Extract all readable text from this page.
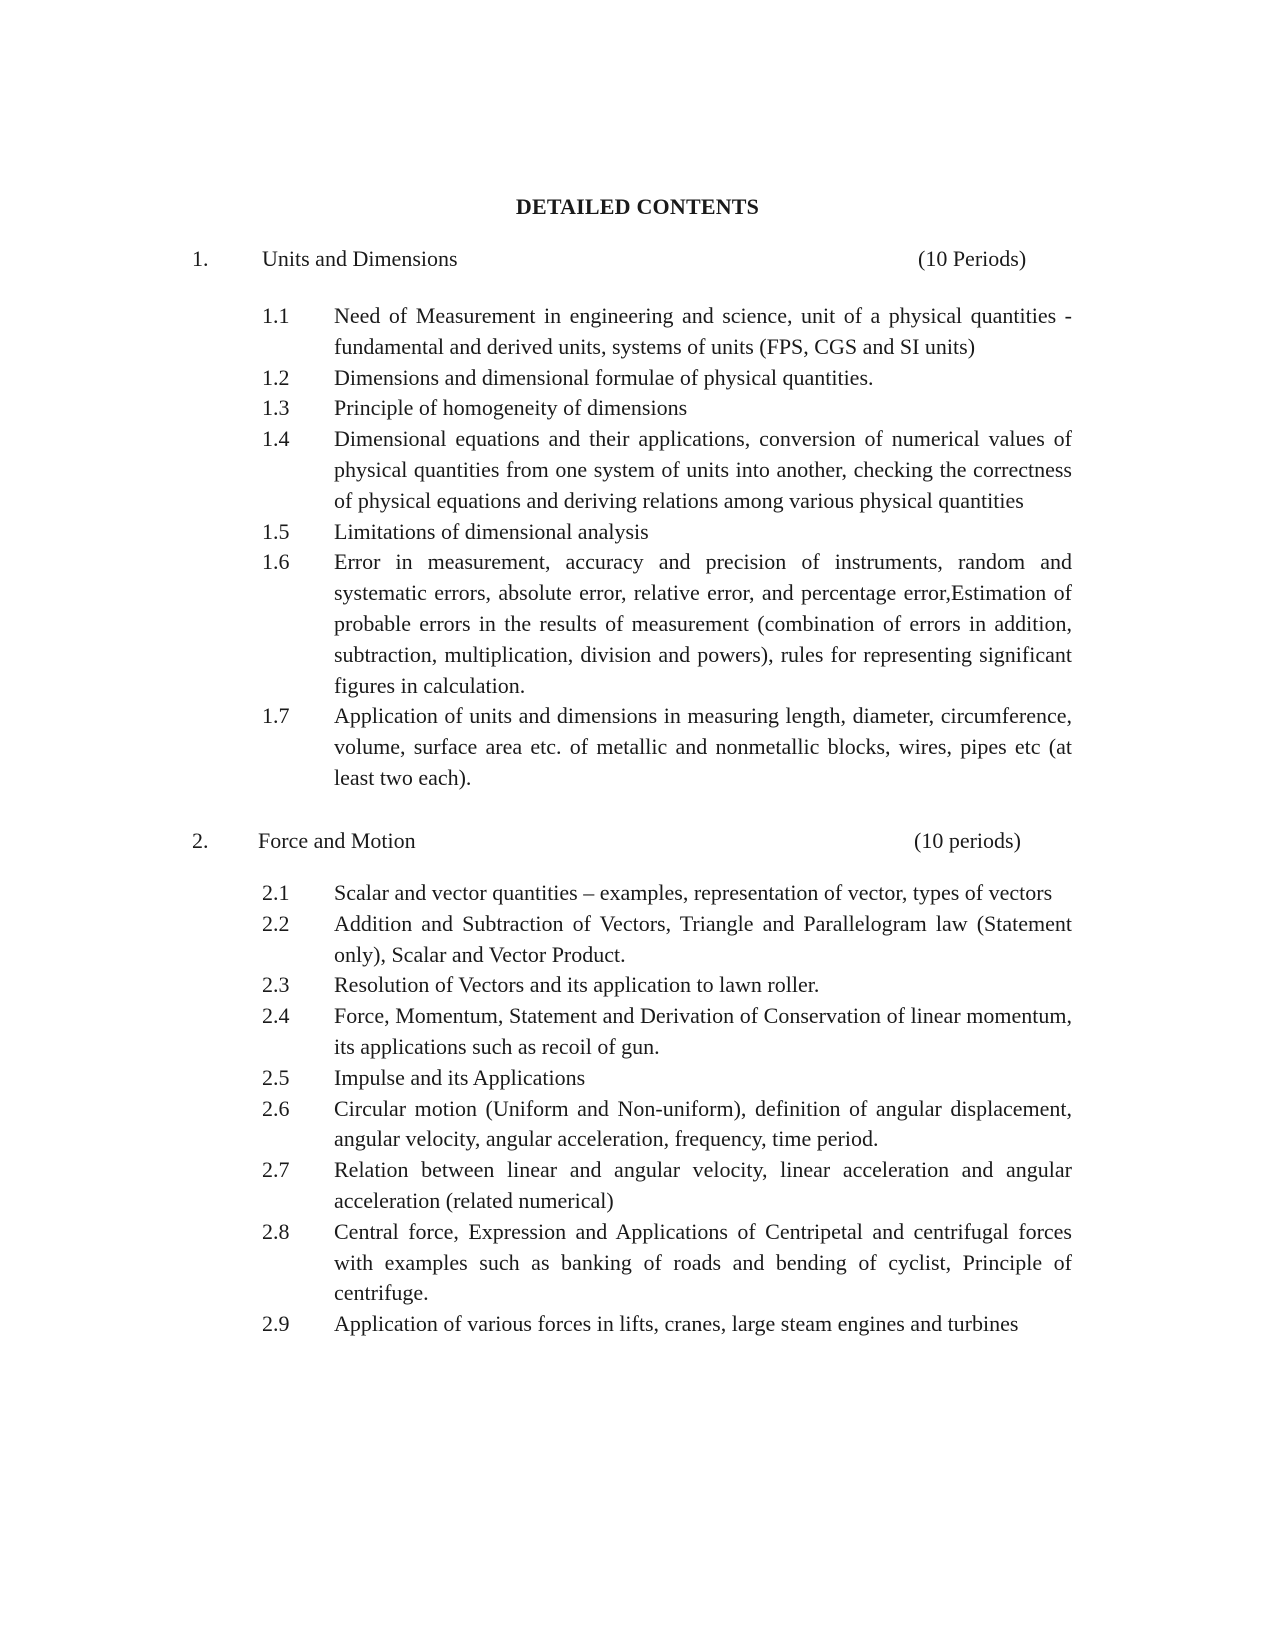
DETAILED CONTENTS
1. Units and Dimensions	(10 Periods)
1.1 Need of Measurement in engineering and science, unit of a physical quantities - fundamental and derived units, systems of units (FPS, CGS and SI units)
1.2 Dimensions and dimensional formulae of physical quantities.
1.3 Principle of homogeneity of dimensions
1.4 Dimensional equations and their applications, conversion of numerical values of physical quantities from one system of units into another, checking the correctness of physical equations and deriving relations among various physical quantities
1.5 Limitations of dimensional analysis
1.6 Error in measurement, accuracy and precision of instruments, random and systematic errors, absolute error, relative error, and percentage error,Estimation of probable errors in the results of measurement (combination of errors in addition, subtraction, multiplication, division and powers), rules for representing significant figures in calculation.
1.7 Application of units and dimensions in measuring length, diameter, circumference, volume, surface area etc. of metallic and nonmetallic blocks, wires, pipes etc (at least two each).
2. Force and Motion	(10 periods)
2.1 Scalar and vector quantities – examples, representation of vector, types of vectors
2.2 Addition and Subtraction of Vectors, Triangle and Parallelogram law (Statement only), Scalar and Vector Product.
2.3 Resolution of Vectors and its application to lawn roller.
2.4 Force, Momentum, Statement and Derivation of Conservation of linear momentum, its applications such as recoil of gun.
2.5 Impulse and its Applications
2.6 Circular motion (Uniform and Non-uniform), definition of angular displacement, angular velocity, angular acceleration, frequency, time period.
2.7 Relation between linear and angular velocity, linear acceleration and angular acceleration (related numerical)
2.8 Central force, Expression and Applications of Centripetal and centrifugal forces with examples such as banking of roads and bending of cyclist, Principle of centrifuge.
2.9 Application of various forces in lifts, cranes, large steam engines and turbines
